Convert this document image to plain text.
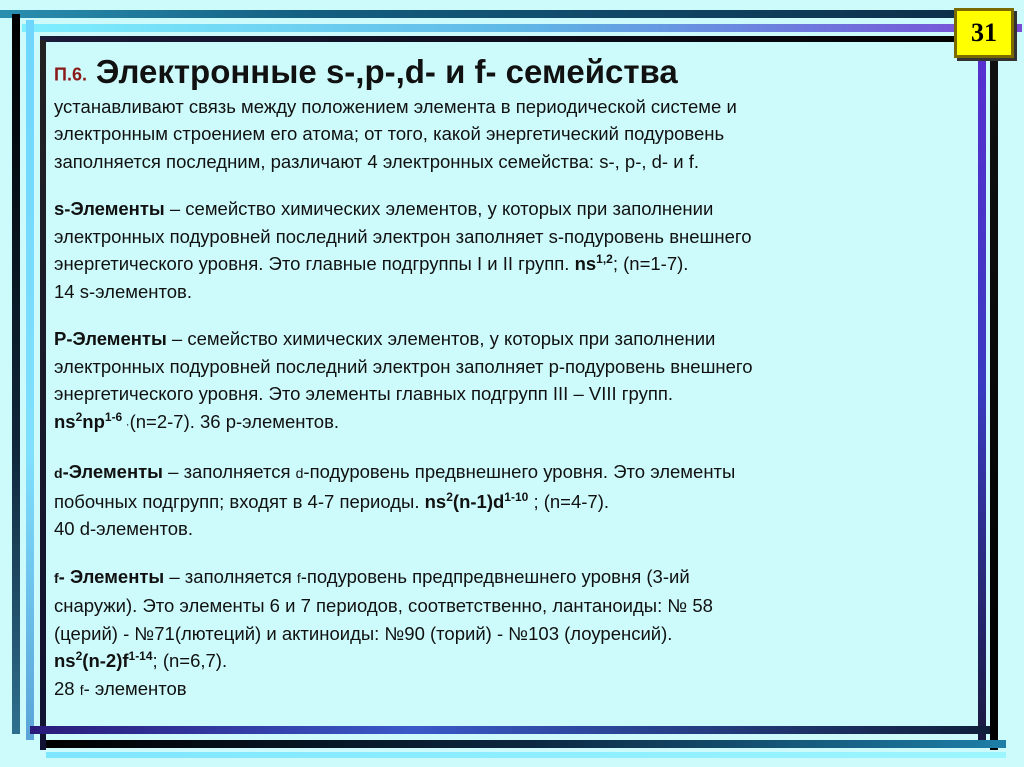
31
П.6. Электронные s-,p-,d- и f- семейства

устанавливают связь между положением элемента в периодической системе и
электронным строением его атома; от того, какой энергетический подуровень
заполняется последним, различают 4 электронных семейства: s-, p-, d- и f.

s-Элементы – семейство химических элементов, у которых при заполнении
электронных подуровней последний электрон заполняет s-подуровень внешнего
энергетического уровня. Это главные подгруппы I и II групп. ns$^{1,2}$; (n=1-7).
14 s-элементов.

P-Элементы – семейство химических элементов, у которых при заполнении
электронных подуровней последний электрон заполняет р-подуровень внешнего
энергетического уровня. Это элементы главных подгрупп III – VIII групп.
$ns^2np^{1-6} \cdot(n=2-7)$. 36 р-элементов.

d-Элементы – заполняется d-подуровень предвнешнего уровня. Это элементы
побочных подгрупп; входят в 4-7 периоды. $ns^2(n-1)d^{1-10}$ ; (n=4-7).
40 d-элементов.

f- Элементы – заполняется f-подуровень предпредвнешнего уровня (3-ий
снаружи). Это элементы 6 и 7 периодов, соответственно, лантаноиды: № 58
(церий) - №71(лютеций) и актиноиды: №90 (торий) - №103 (лоуренсий).
$ns^2(n-2)f^{1-14}$; (n=6,7).
28 f- элементов
